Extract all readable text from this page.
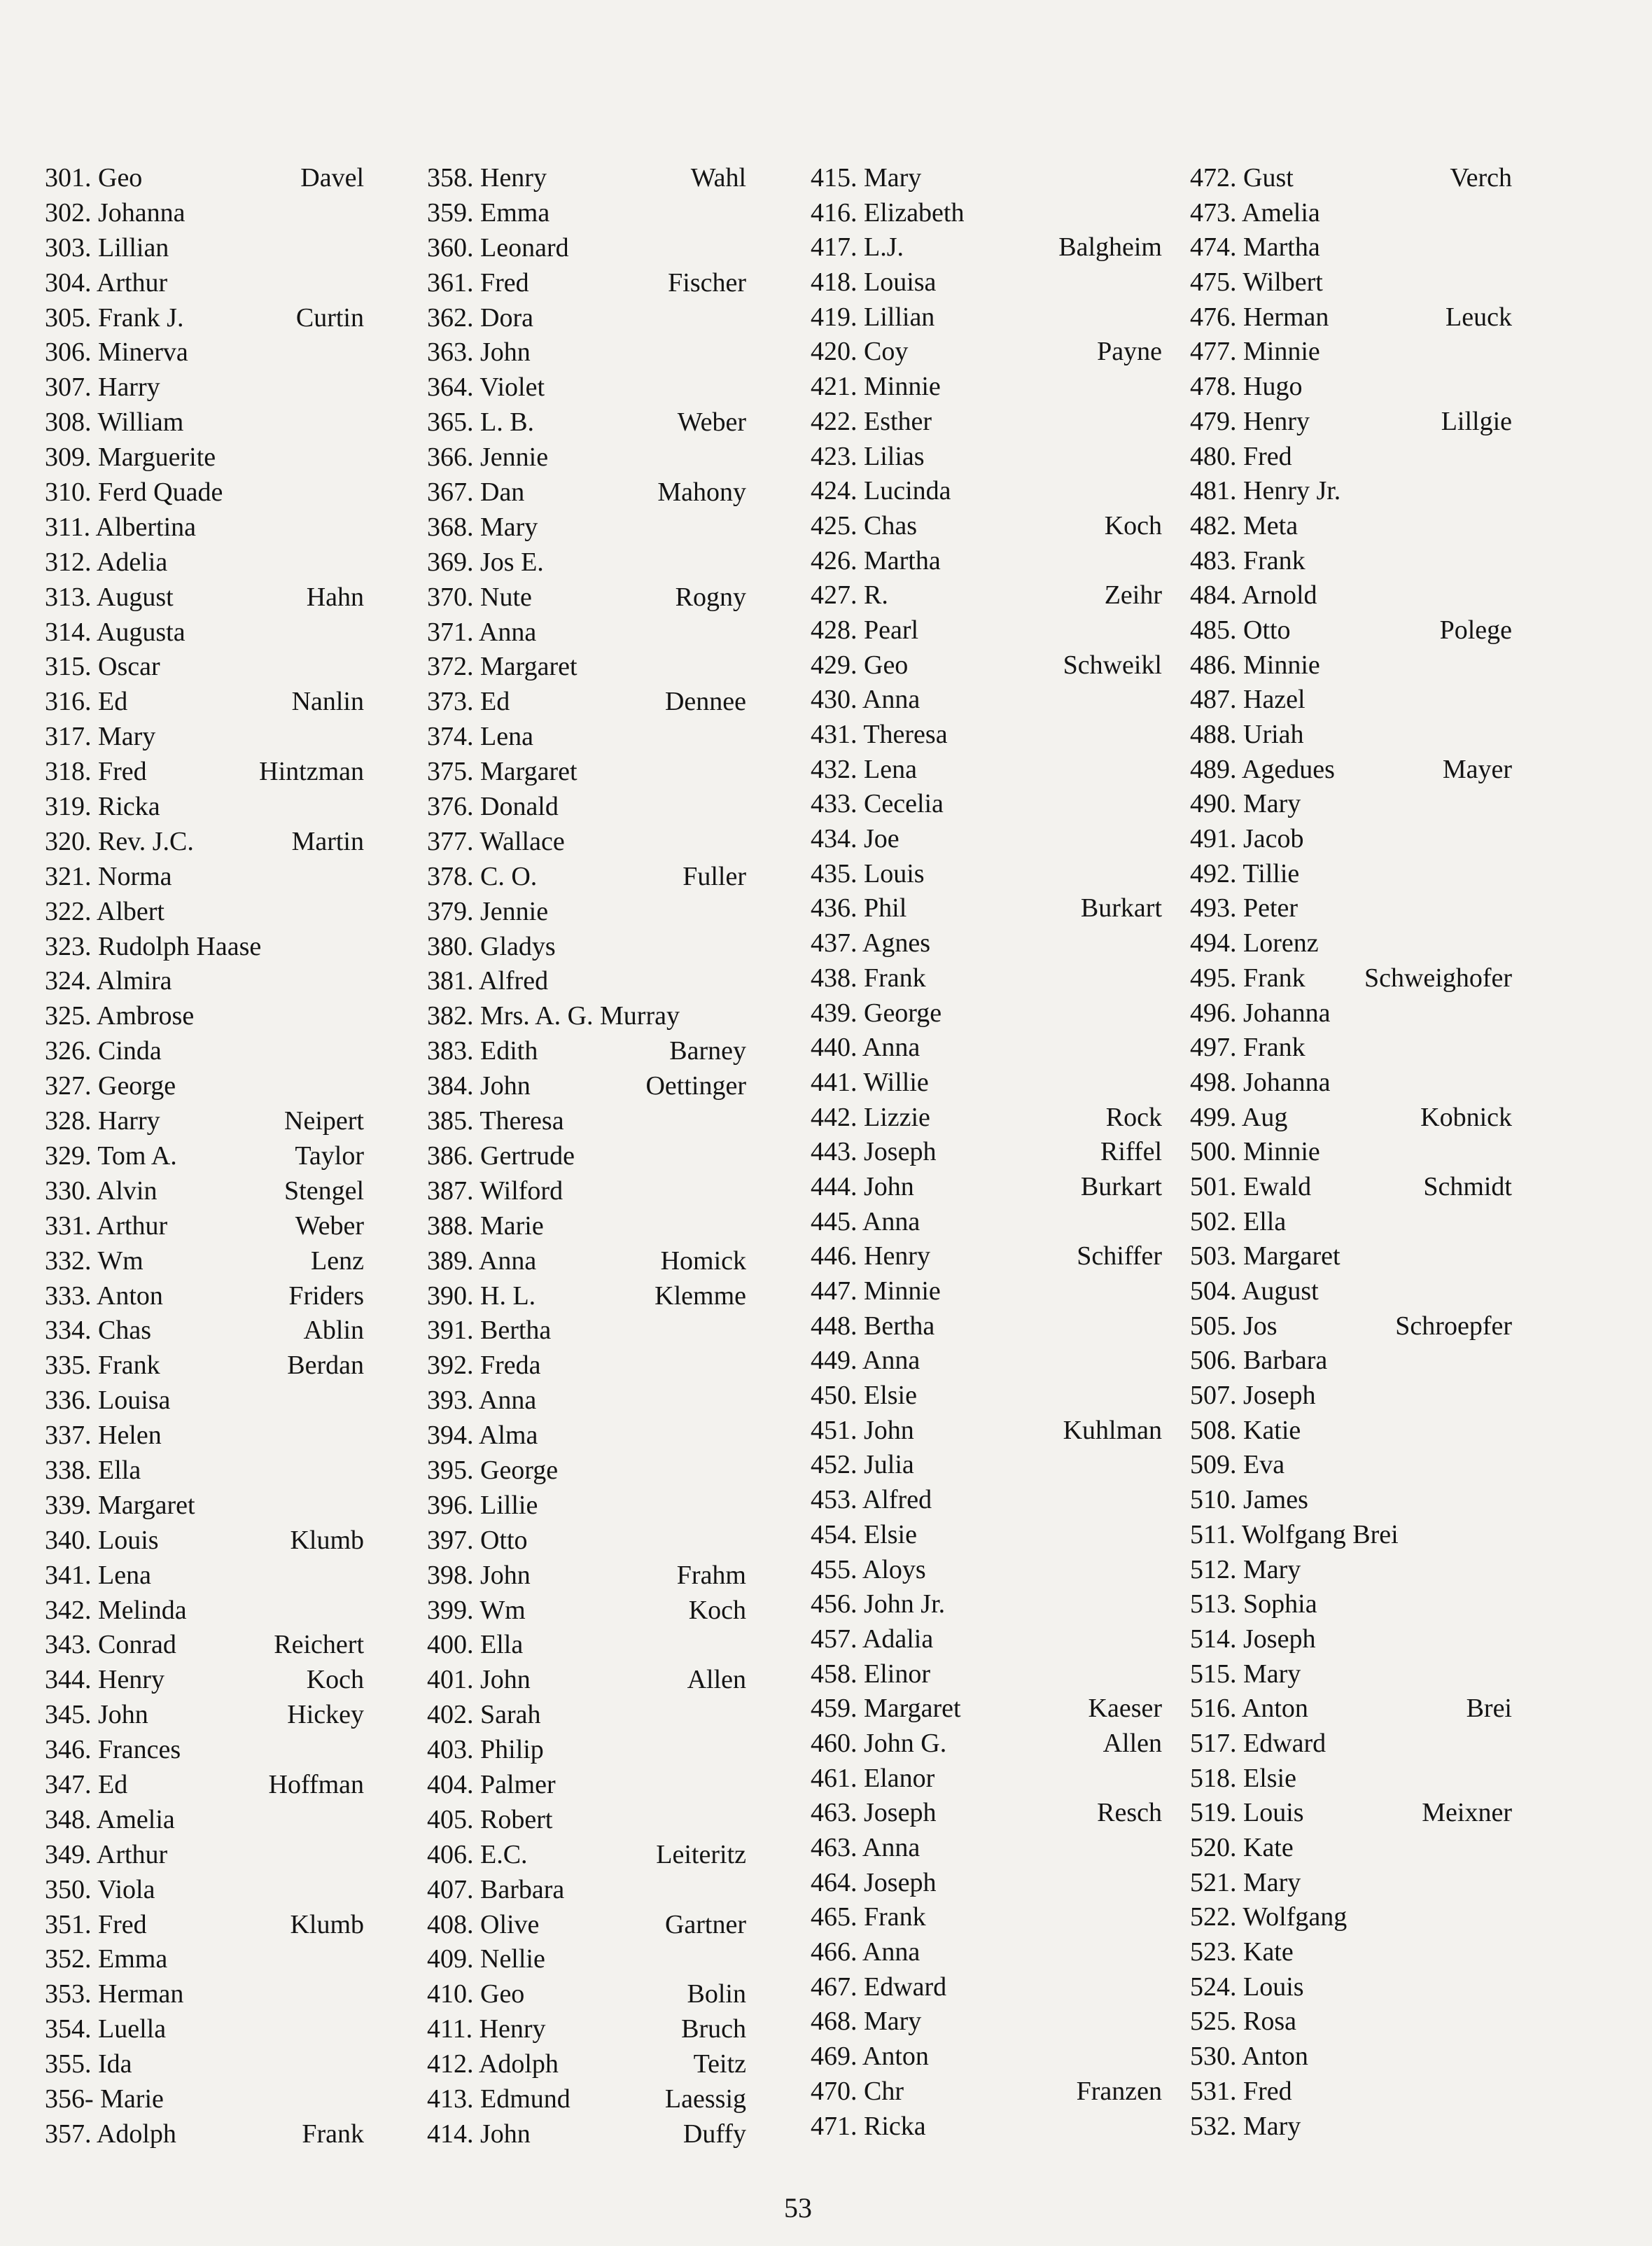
301. Geo	Davel
302. Johanna
303. Lillian
304. Arthur
305. Frank J.	Curtin
306. Minerva
307. Harry
308. William
309. Marguerite
310. Ferd Quade
311. Albertina
312. Adelia
313. August	Hahn
314. Augusta
315. Oscar
316. Ed	Nanlin
317. Mary
318. Fred	Hintzman
319. Ricka
320. Rev. J.C.	Martin
321. Norma
322. Albert
323. Rudolph Haase
324. Almira
325. Ambrose
326. Cinda
327. George
328. Harry	Neipert
329. Tom A.	Taylor
330. Alvin	Stengel
331. Arthur	Weber
332. Wm	Lenz
333. Anton	Friders
334. Chas	Ablin
335. Frank	Berdan
336. Louisa
337. Helen
338. Ella
339. Margaret
340. Louis	Klumb
341. Lena
342. Melinda
343. Conrad	Reichert
344. Henry	Koch
345. John	Hickey
346. Frances
347. Ed	Hoffman
348. Amelia
349. Arthur
350. Viola
351. Fred	Klumb
352. Emma
353. Herman
354. Luella
355. Ida
356- Marie
357. Adolph	Frank
358. Henry	Wahl
359. Emma
360. Leonard
361. Fred	Fischer
362. Dora
363. John
364. Violet
365. L. B.	Weber
366. Jennie
367. Dan	Mahony
368. Mary
369. Jos E.
370. Nute	Rogny
371. Anna
372. Margaret
373. Ed	Dennee
374. Lena
375. Margaret
376. Donald
377. Wallace
378. C. O.	Fuller
379. Jennie
380. Gladys
381. Alfred
382. Mrs. A. G. Murray
383. Edith	Barney
384. John	Oettinger
385. Theresa
386. Gertrude
387. Wilford
388. Marie
389. Anna	Homick
390. H. L.	Klemme
391. Bertha
392. Freda
393. Anna
394. Alma
395. George
396. Lillie
397. Otto
398. John	Frahm
399. Wm	Koch
400. Ella
401. John	Allen
402. Sarah
403. Philip
404. Palmer
405. Robert
406. E.C.	Leiteritz
407. Barbara
408. Olive	Gartner
409. Nellie
410. Geo	Bolin
411. Henry	Bruch
412. Adolph	Teitz
413. Edmund	Laessig
414. John	Duffy
415. Mary
416. Elizabeth
417. L.J.	Balgheim
418. Louisa
419. Lillian
420. Coy	Payne
421. Minnie
422. Esther
423. Lilias
424. Lucinda
425. Chas	Koch
426. Martha
427. R.	Zeihr
428. Pearl
429. Geo	Schweikl
430. Anna
431. Theresa
432. Lena
433. Cecelia
434. Joe
435. Louis
436. Phil	Burkart
437. Agnes
438. Frank
439. George
440. Anna
441. Willie
442. Lizzie	Rock
443. Joseph	Riffel
444. John	Burkart
445. Anna
446. Henry	Schiffer
447. Minnie
448. Bertha
449. Anna
450. Elsie
451. John	Kuhlman
452. Julia
453. Alfred
454. Elsie
455. Aloys
456. John Jr.
457. Adalia
458. Elinor
459. Margaret	Kaeser
460. John G.	Allen
461. Elanor
463. Joseph	Resch
463. Anna
464. Joseph
465. Frank
466. Anna
467. Edward
468. Mary
469. Anton
470. Chr	Franzen
471. Ricka
472. Gust	Verch
473. Amelia
474. Martha
475. Wilbert
476. Herman	Leuck
477. Minnie
478. Hugo
479. Henry	Lillgie
480. Fred
481. Henry Jr.
482. Meta
483. Frank
484. Arnold
485. Otto	Polege
486. Minnie
487. Hazel
488. Uriah
489. Agedues	Mayer
490. Mary
491. Jacob
492. Tillie
493. Peter
494. Lorenz
495. Frank Schweighofer
496. Johanna
497. Frank
498. Johanna
499. Aug	Kobnick
500. Minnie
501. Ewald	Schmidt
502. Ella
503. Margaret
504. August
505. Jos	Schroepfer
506. Barbara
507. Joseph
508. Katie
509. Eva
510. James
511. Wolfgang Brei
512. Mary
513. Sophia
514. Joseph
515. Mary
516. Anton	Brei
517. Edward
518. Elsie
519. Louis	Meixner
520. Kate
521. Mary
522. Wolfgang
523. Kate
524. Louis
525. Rosa
530. Anton
531. Fred
532. Mary
53
